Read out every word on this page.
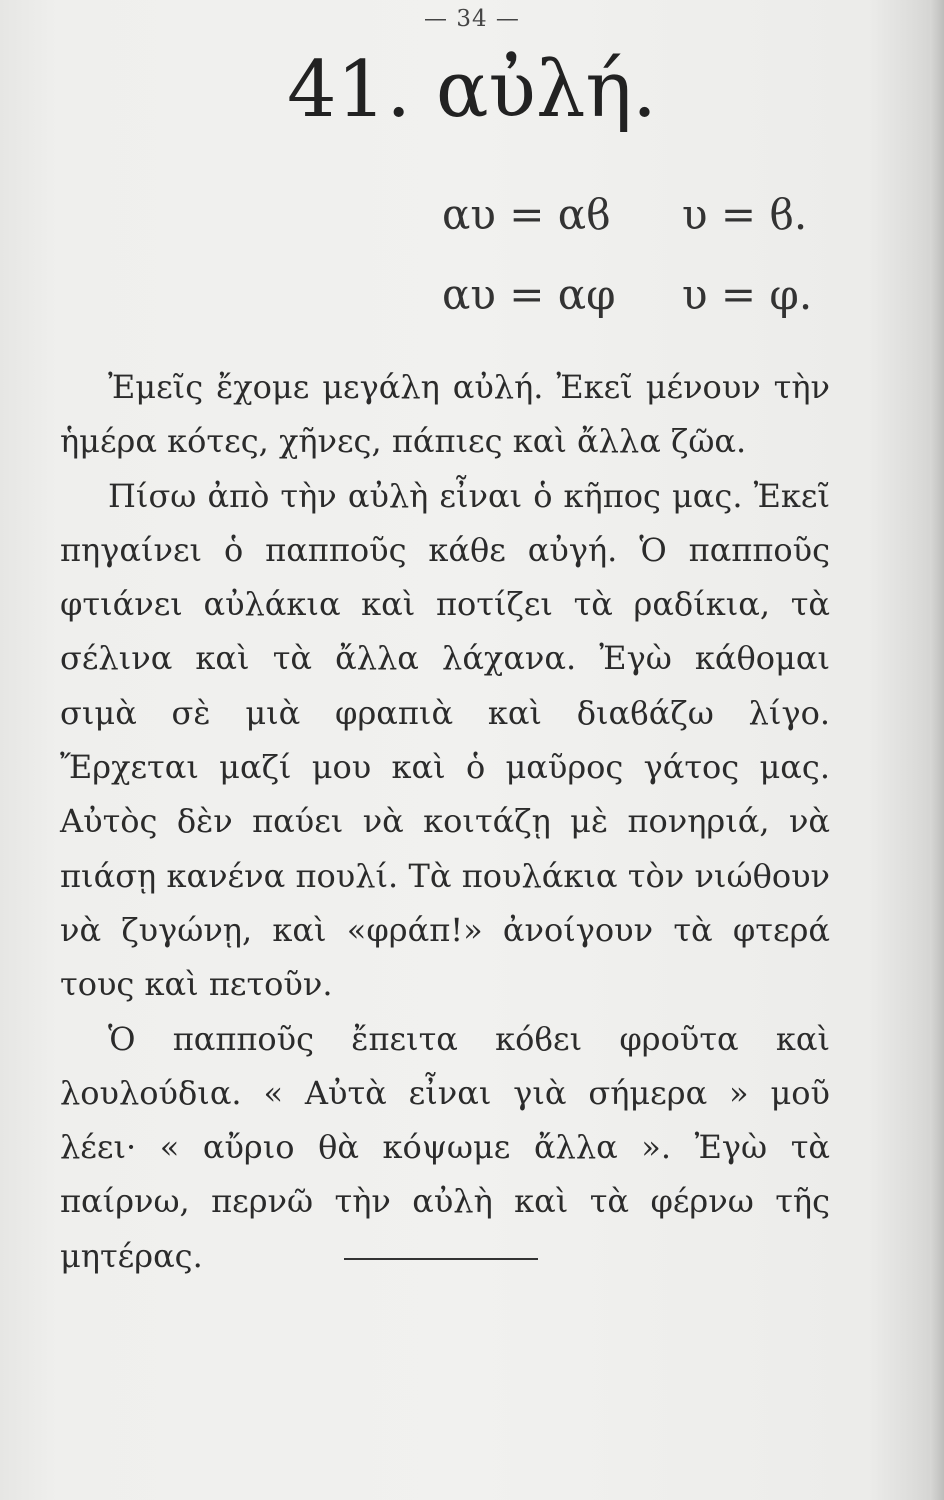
— 34 —
41. αὐλή.
αυ = αϐ υ = ϐ.
αυ = αφ υ = φ.

Ἐμεῖς ἔχομε μεγάλη αὐλή. Ἐκεῖ μένουν τὴν ἡμέρα κότες, χῆνες, πάπιες καὶ ἄλλα ζῶα.

Πίσω ἀπὸ τὴν αὐλὴ εἶναι ὁ κῆπος μας. Ἐκεῖ πηγαίνει ὁ παπποῦς κάθε αὐγή. Ὁ παπποῦς φτιάνει αὐλάκια καὶ ποτίζει τὰ ραδίκια, τὰ σέλινα καὶ τὰ ἄλλα λάχανα. Ἐγὼ κάθομαι σιμὰ σὲ μιὰ φραπιὰ καὶ διαϐάζω λίγο. Ἔρχεται μαζί μου καὶ ὁ μαῦρος γάτος μας. Αὐτὸς δὲν παύει νὰ κοιτάζῃ μὲ πονηριά, νὰ πιάσῃ κανένα πουλί. Τὰ πουλάκια τὸν νιώθουν νὰ ζυγώνῃ, καὶ «φράπ!» ἀνοίγουν τὰ φτερά τους καὶ πετοῦν.

Ὁ παπποῦς ἔπειτα κόϐει φροῦτα καὶ λουλούδια. « Αὐτὰ εἶναι γιὰ σήμερα » μοῦ λέει· « αὔριο θὰ κόψωμε ἄλλα ». Ἐγὼ τὰ παίρνω, περνῶ τὴν αὐλὴ καὶ τὰ φέρνω τῆς μητέρας.
